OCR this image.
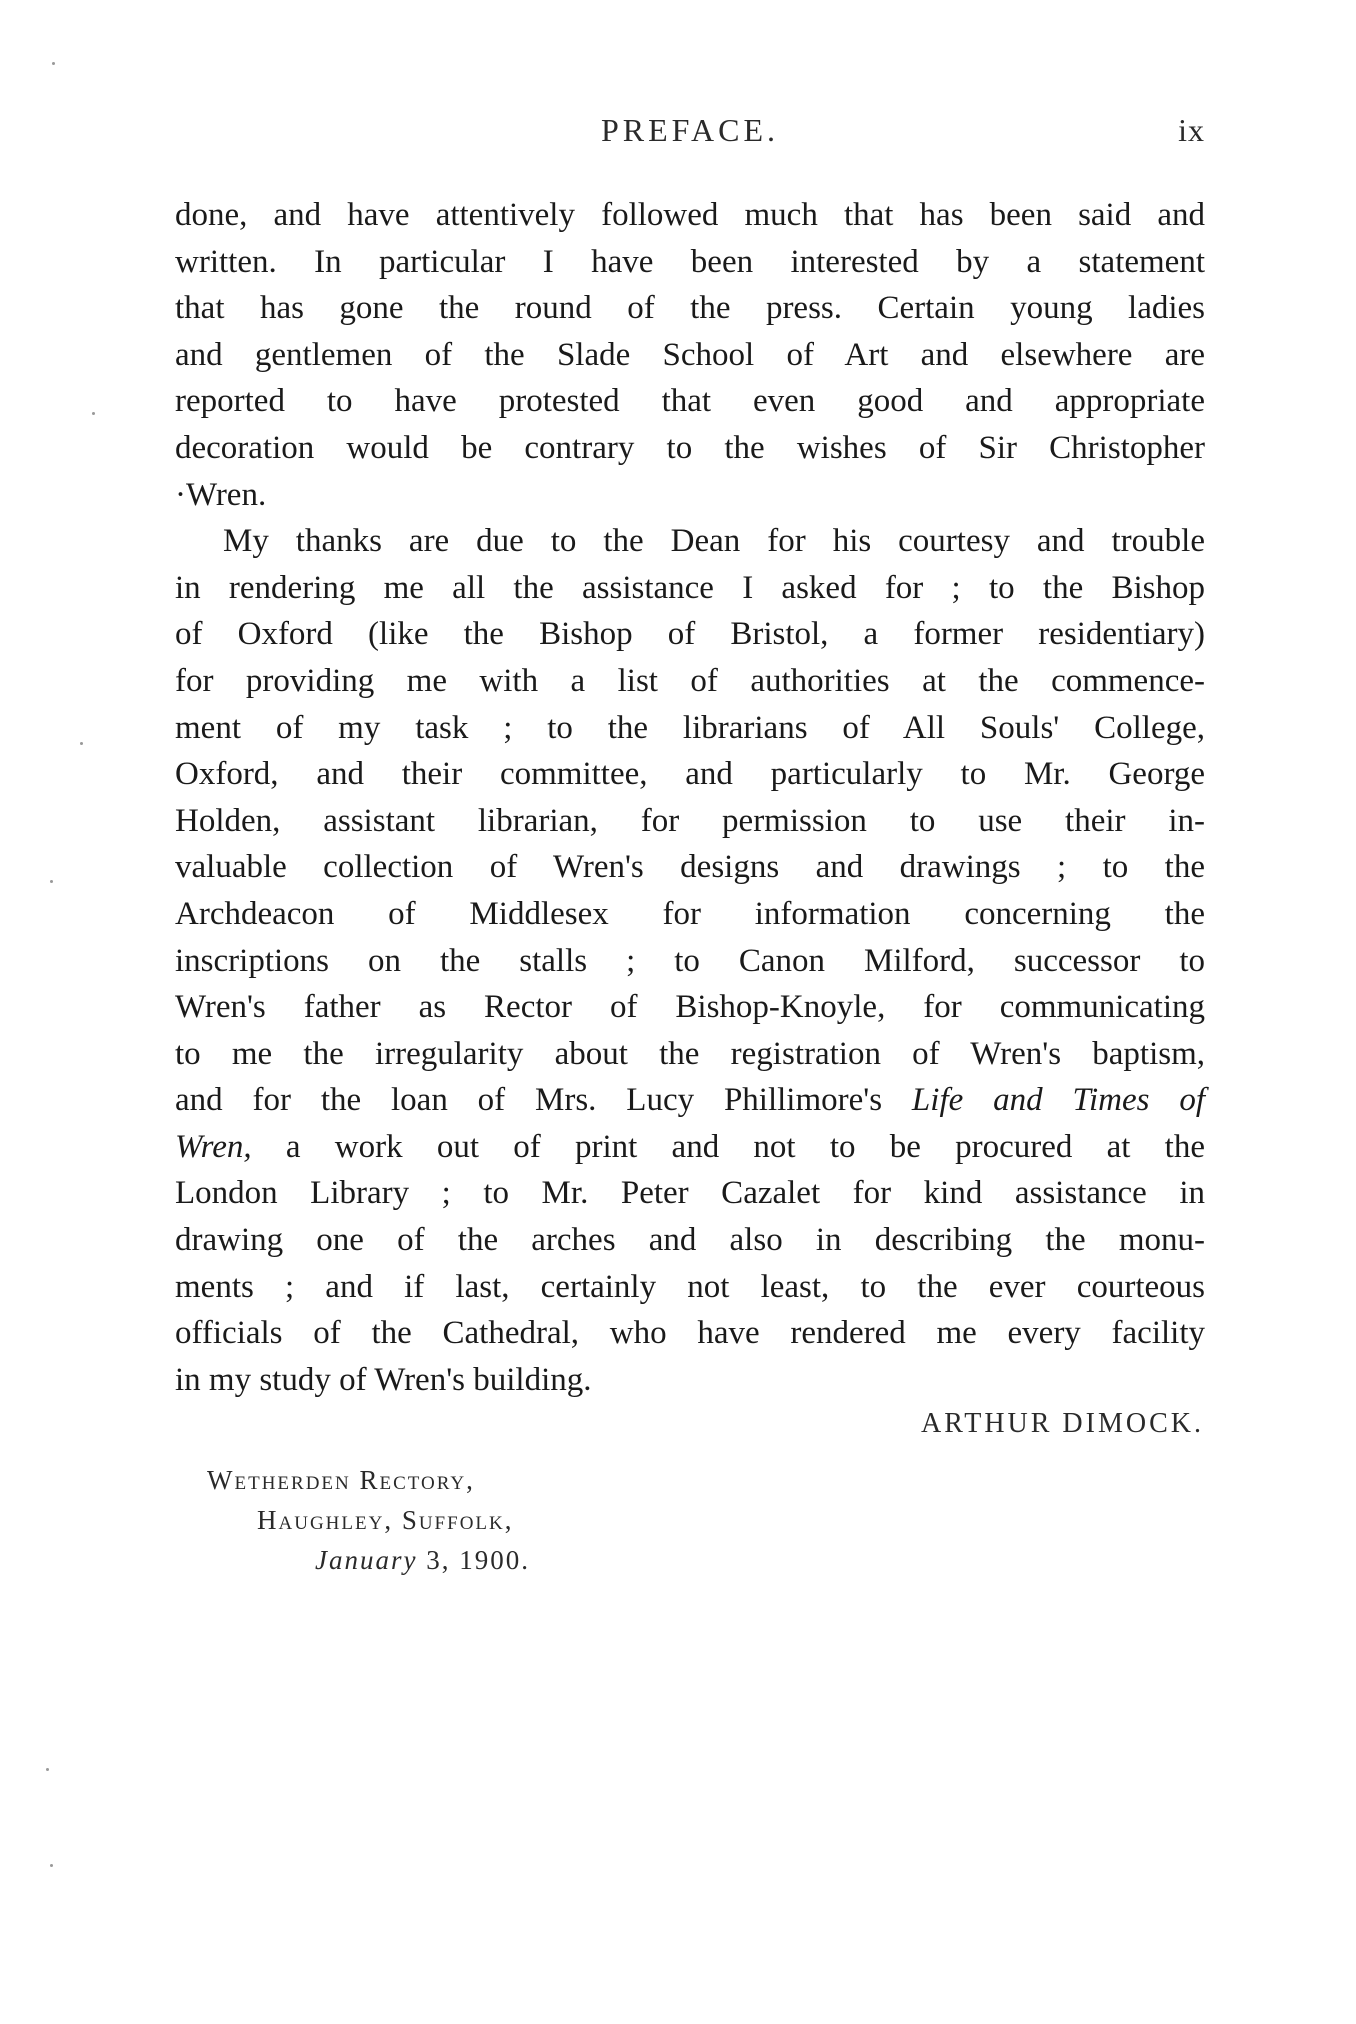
PREFACE.	ix
done, and have attentively followed much that has been said and
written. In particular I have been interested by a statement
that has gone the round of the press. Certain young ladies
and gentlemen of the Slade School of Art and elsewhere are
reported to have protested that even good and appropriate
decoration would be contrary to the wishes of Sir Christopher
·Wren.
My thanks are due to the Dean for his courtesy and trouble
in rendering me all the assistance I asked for ; to the Bishop
of Oxford (like the Bishop of Bristol, a former residentiary)
for providing me with a list of authorities at the commence-
ment of my task ; to the librarians of All Souls' College,
Oxford, and their committee, and particularly to Mr. George
Holden, assistant librarian, for permission to use their in-
valuable collection of Wren's designs and drawings ; to the
Archdeacon of Middlesex for information concerning the
inscriptions on the stalls ; to Canon Milford, successor to
Wren's father as Rector of Bishop-Knoyle, for communicating
to me the irregularity about the registration of Wren's baptism,
and for the loan of Mrs. Lucy Phillimore's Life and Times of
Wren, a work out of print and not to be procured at the
London Library ; to Mr. Peter Cazalet for kind assistance in
drawing one of the arches and also in describing the monu-
ments ; and if last, certainly not least, to the ever courteous
officials of the Cathedral, who have rendered me every facility
in my study of Wren's building.
ARTHUR DIMOCK.
Wetherden Rectory,
Haughley, Suffolk,
January 3, 1900.
